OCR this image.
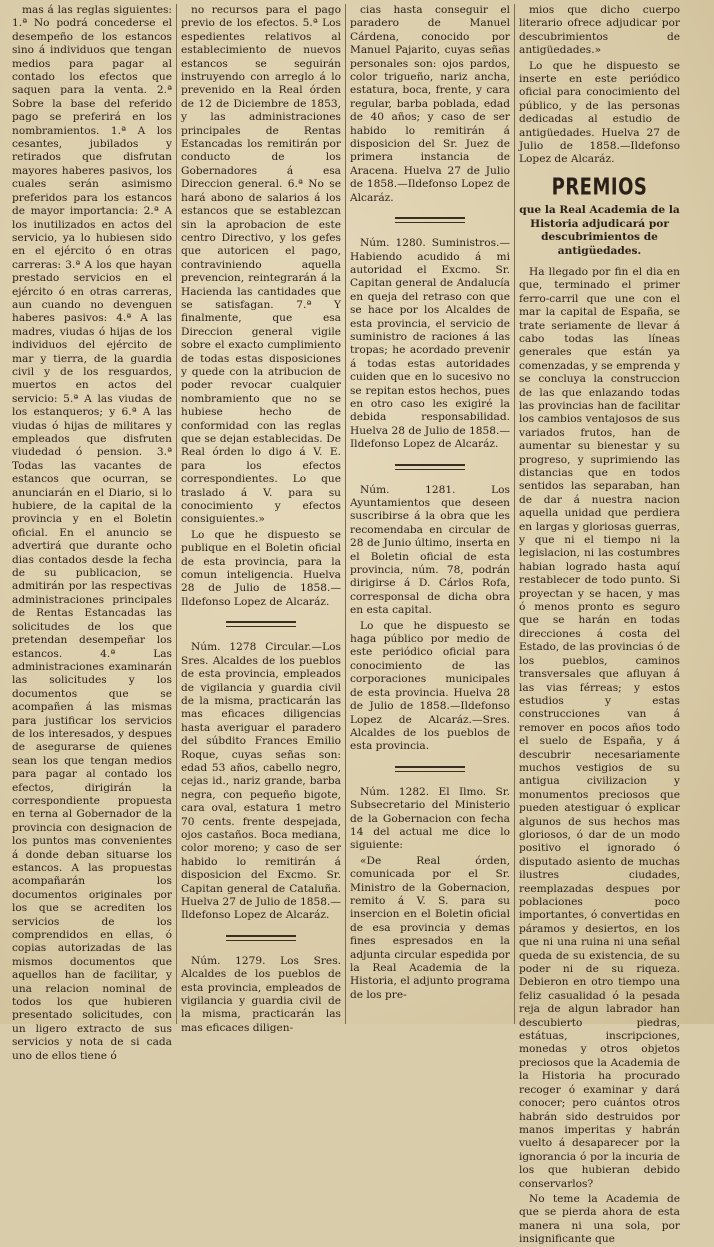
mas á las reglas siguientes: 1.ª No podrá concederse el desempeño de los estancos sino á individuos que tengan medios para pagar al contado los efectos que saquen para la venta. 2.ª Sobre la base del referido pago se preferirá en los nombramientos. 1.ª A los cesantes, jubilados y retirados que disfrutan mayores haberes pasivos, los cuales serán asimismo preferidos para los estancos de mayor importancia: 2.ª A los inutilizados en actos del servicio, ya lo hubiesen sido en el ejército ó en otras carreras: 3.ª A los que hayan prestado servicios en el ejército ó en otras carreras, aun cuando no devenguen haberes pasivos: 4.ª A las madres, viudas ó hijas de los individuos del ejército de mar y tierra, de la guardia civil y de los resguardos, muertos en actos del servicio: 5.ª A las viudas de los estanqueros; y 6.ª A las viudas ó hijas de militares y empleados que disfruten viudedad ó pension. 3.ª Todas las vacantes de estancos que ocurran, se anunciarán en el Diario, si lo hubiere, de la capital de la provincia y en el Boletin oficial. En el anuncio se advertirá que durante ocho dias contados desde la fecha de su publicacion, se admitirán por las respectivas administraciones principales de Rentas Estancadas las solicitudes de los que pretendan desempeñar los estancos. 4.ª Las administraciones examinarán las solicitudes y los documentos que se acompañen á las mismas para justificar los servicios de los interesados, y despues de asegurarse de quienes sean los que tengan medios para pagar al contado los efectos, dirigirán la correspondiente propuesta en terna al Gobernador de la provincia con designacion de los puntos mas convenientes á donde deban situarse los estancos. A las propuestas acompañarán los documentos originales por los que se acrediten los servicios de los comprendidos en ellas, ó copias autorizadas de las mismos documentos que aquellos han de facilitar, y una relacion nominal de todos los que hubieren presentado solicitudes, con un ligero extracto de sus servicios y nota de si cada uno de ellos tiene ó

no recursos para el pago previo de los efectos. 5.ª Los espedientes relativos al establecimiento de nuevos estancos se seguirán instruyendo con arreglo á lo prevenido en la Real órden de 12 de Diciembre de 1853, y las administraciones principales de Rentas Estancadas los remitirán por conducto de los Gobernadores á esa Direccion general. 6.ª No se hará abono de salarios á los estancos que se establezcan sin la aprobacion de este centro Directivo, y los gefes que autoricen el pago, contraviniendo aquella prevencion, reintegrarán á la Hacienda las cantidades que se satisfagan. 7.ª Y finalmente, que esa Direccion general vigile sobre el exacto cumplimiento de todas estas disposiciones y quede con la atribucion de poder revocar cualquier nombramiento que no se hubiese hecho de conformidad con las reglas que se dejan establecidas. De Real órden lo digo á V. E. para los efectos correspondientes. Lo que traslado á V. para su conocimiento y efectos consiguientes.»

Lo que he dispuesto se publique en el Boletin oficial de esta provincia, para la comun inteligencia. Huelva 28 de Julio de 1858.—Ildefonso Lopez de Alcaráz.

Núm. 1278 Circular.—Los Sres. Alcaldes de los pueblos de esta provincia, empleados de vigilancia y guardia civil de la misma, practicarán las mas eficaces diligencias hasta averiguar el paradero del súbdito Frances Emilio Roque, cuyas señas son: edad 53 años, cabello negro, cejas id., nariz grande, barba negra, con pequeño bigote, cara oval, estatura 1 metro 70 cents. frente despejada, ojos castaños. Boca mediana, color moreno; y caso de ser habido lo remitirán á disposicion del Excmo. Sr. Capitan general de Cataluña. Huelva 27 de Julio de 1858.—Ildefonso Lopez de Alcaráz.

Núm. 1279. Los Sres. Alcaldes de los pueblos de esta provincia, empleados de vigilancia y guardia civil de la misma, practicarán las mas eficaces diligen-

cias hasta conseguir el paradero de Manuel Cárdena, conocido por Manuel Pajarito, cuyas señas personales son: ojos pardos, color trigueño, nariz ancha, estatura, boca, frente, y cara regular, barba poblada, edad de 40 años; y caso de ser habido lo remitirán á disposicion del Sr. Juez de primera instancia de Aracena. Huelva 27 de Julio de 1858.—Ildefonso Lopez de Alcaráz.

Núm. 1280. Suministros.—Habiendo acudido á mi autoridad el Excmo. Sr. Capitan general de Andalucía en queja del retraso con que se hace por los Alcaldes de esta provincia, el servicio de suministro de raciones á las tropas; he acordado prevenir á todas estas autoridades cuiden que en lo sucesivo no se repitan estos hechos, pues en otro caso les exigiré la debida responsabilidad. Huelva 28 de Julio de 1858.—Ildefonso Lopez de Alcaráz.

Núm. 1281. Los Ayuntamientos que deseen suscribirse á la obra que les recomendaba en circular de 28 de Junio último, inserta en el Boletin oficial de esta provincia, núm. 78, podrán dirigirse á D. Cárlos Rofa, corresponsal de dicha obra en esta capital.

Lo que he dispuesto se haga público por medio de este periódico oficial para conocimiento de las corporaciones municipales de esta provincia. Huelva 28 de Julio de 1858.—Ildefonso Lopez de Alcaráz.—Sres. Alcaldes de los pueblos de esta provincia.

Núm. 1282. El Ilmo. Sr. Subsecretario del Ministerio de la Gobernacion con fecha 14 del actual me dice lo siguiente:

«De Real órden, comunicada por el Sr. Ministro de la Gobernacion, remito á V. S. para su insercion en el Boletin oficial de esa provincia y demas fines espresados en la adjunta circular espedida por la Real Academia de la Historia, el adjunto programa de los pre-

mios que dicho cuerpo literario ofrece adjudicar por descubrimientos de antigüedades.»

Lo que he dispuesto se inserte en este periódico oficial para conocimiento del público, y de las personas dedicadas al estudio de antigüedades. Huelva 27 de Julio de 1858.—Ildefonso Lopez de Alcaráz.

PREMIOS

que la Real Academia de la Historia adjudicará por descubrimientos de antigüedades.

Ha llegado por fin el dia en que, terminado el primer ferro-carril que une con el mar la capital de España, se trate seriamente de llevar á cabo todas las líneas generales que están ya comenzadas, y se emprenda y se concluya la construccion de las que enlazando todas las provincias han de facilitar los cambios ventajosos de sus variados frutos, han de aumentar su bienestar y su progreso, y suprimiendo las distancias que en todos sentidos las separaban, han de dar á nuestra nacion aquella unidad que perdiera en largas y gloriosas guerras, y que ni el tiempo ni la legislacion, ni las costumbres habian logrado hasta aquí restablecer de todo punto. Si proyectan y se hacen, y mas ó menos pronto es seguro que se harán en todas direcciones á costa del Estado, de las provincias ó de los pueblos, caminos transversales que afluyan á las vias férreas; y estos estudios y estas construcciones van á remover en pocos años todo el suelo de España, y á descubrir necesariamente muchos vestigios de su antigua civilizacion y monumentos preciosos que pueden atestiguar ó explicar algunos de sus hechos mas gloriosos, ó dar de un modo positivo el ignorado ó disputado asiento de muchas ilustres ciudades, reemplazadas despues por poblaciones poco importantes, ó convertidas en páramos y desiertos, en los que ni una ruina ni una señal queda de su existencia, de su poder ni de su riqueza. Debieron en otro tiempo una feliz casualidad ó la pesada reja de algun labrador han descubierto piedras, estátuas, inscripciones, monedas y otros objetos preciosos que la Academia de la Historia ha procurado recoger ó examinar y dará conocer; pero cuántos otros habrán sido destruidos por manos imperitas y habrán vuelto á desaparecer por la ignorancia ó por la incuria de los que hubieran debido conservarlos?

No teme la Academia de que se pierda ahora de esta manera ni una sola, por insignificante que
